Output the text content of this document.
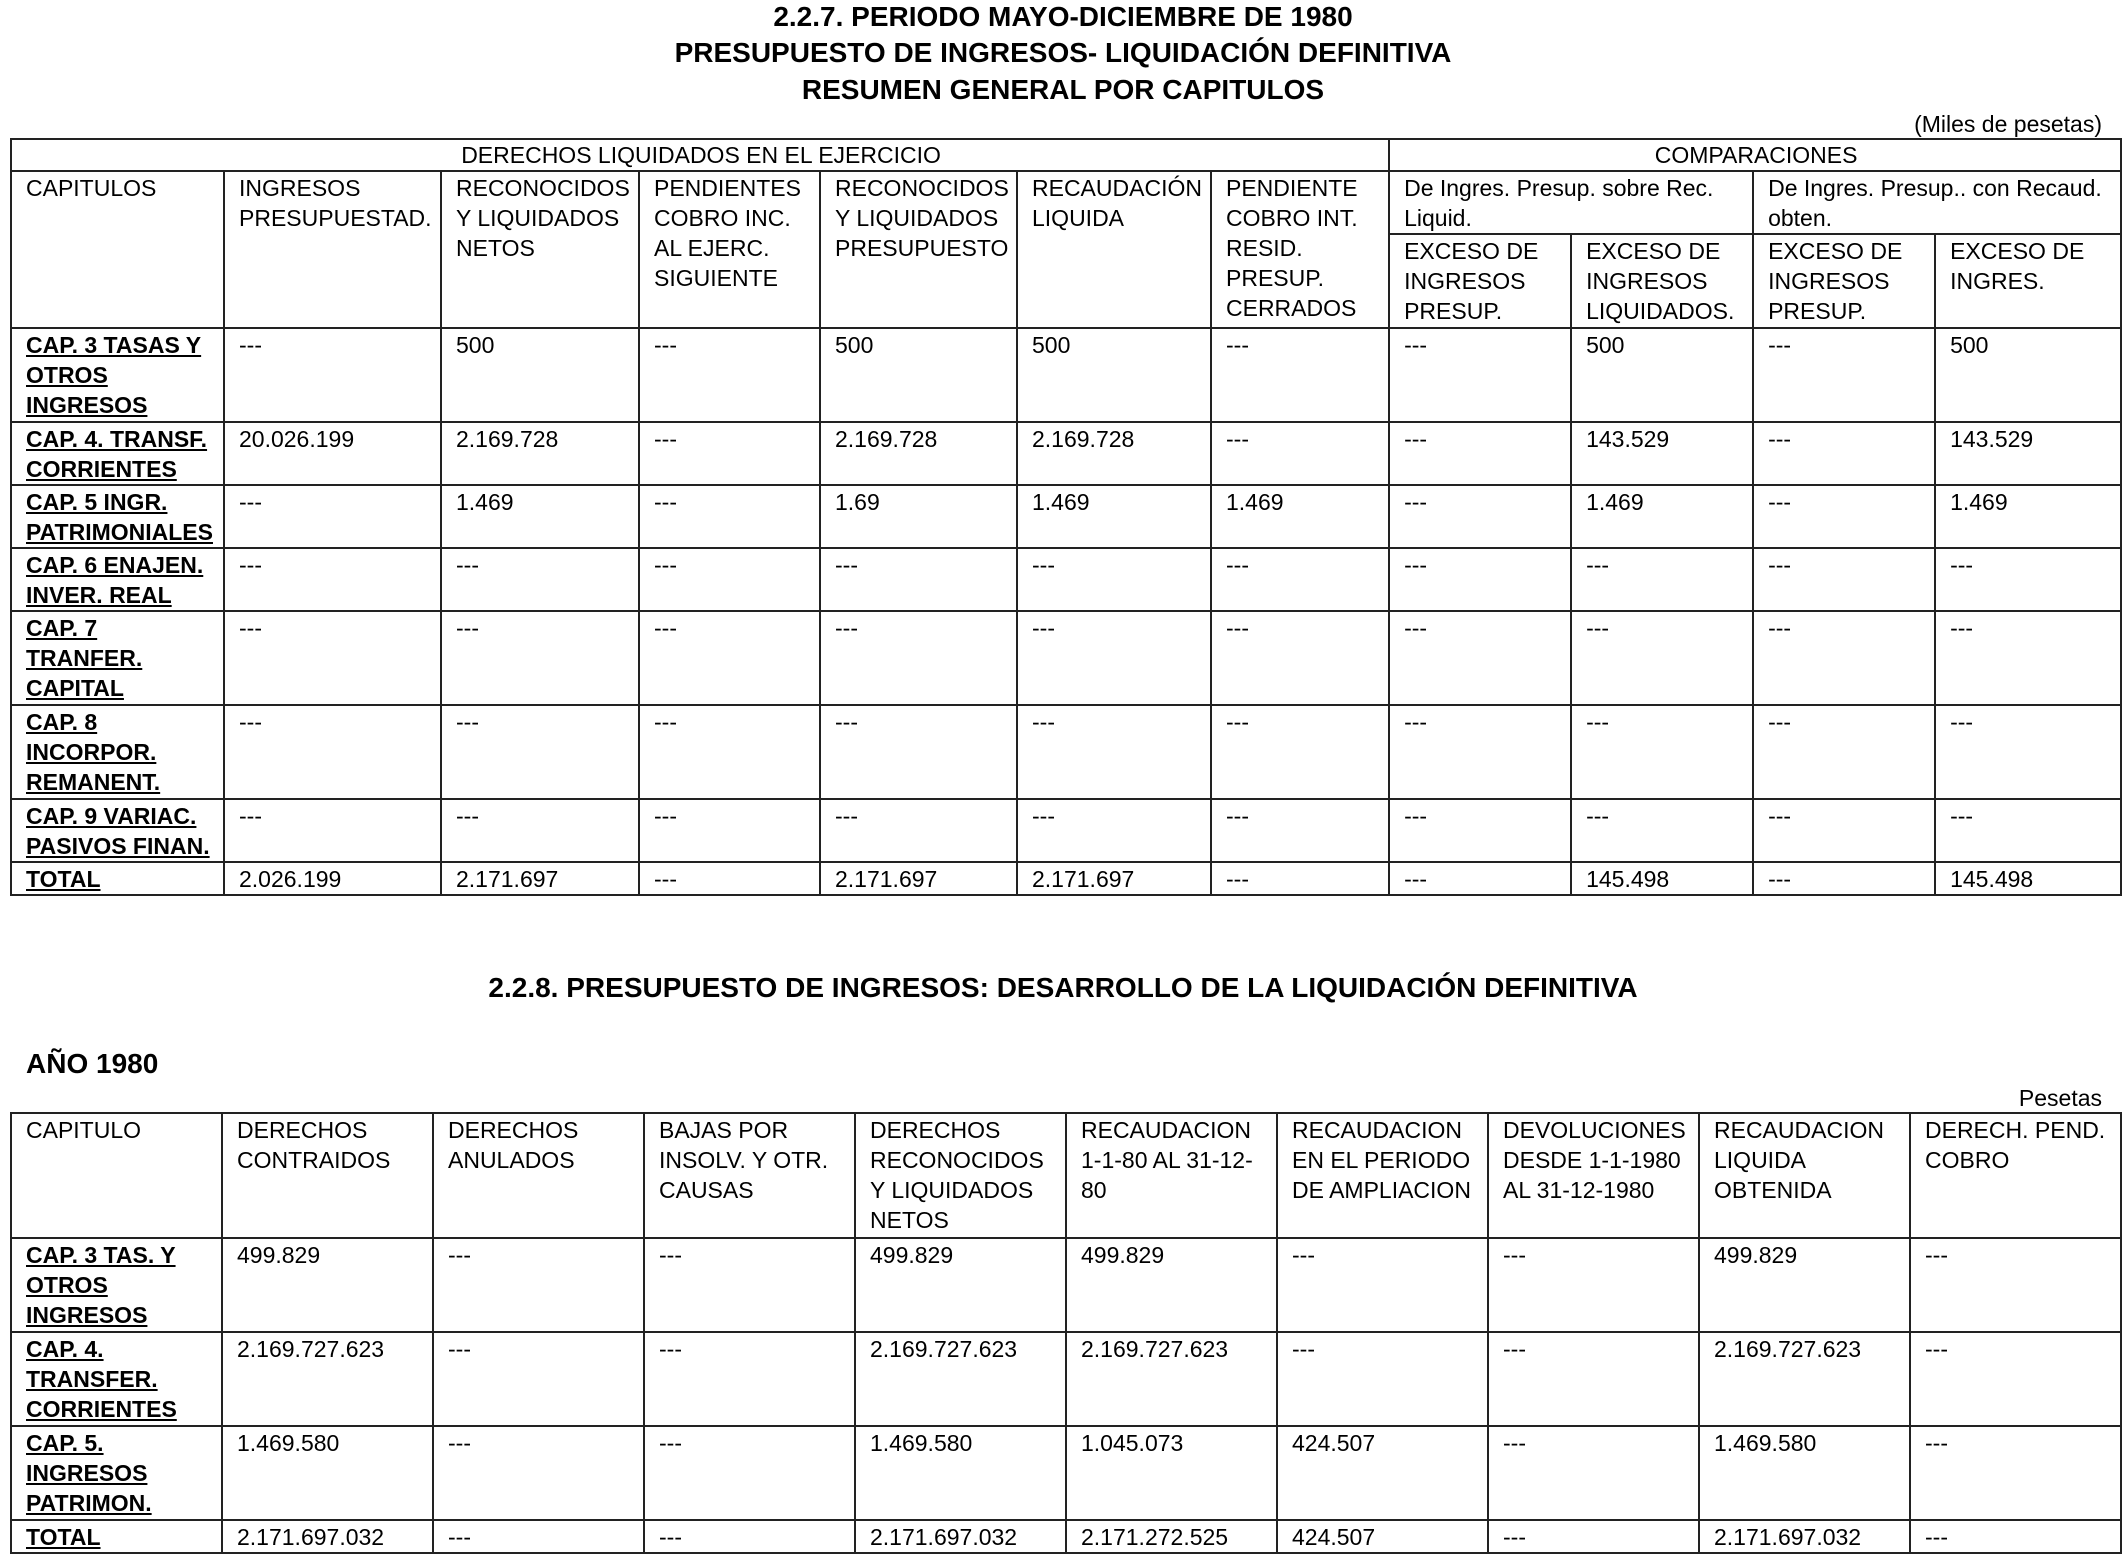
2.2.7. PERIODO MAYO-DICIEMBRE DE 1980
PRESUPUESTO DE INGRESOS- LIQUIDACIÓN DEFINITIVA
RESUMEN GENERAL POR CAPITULOS
(Miles de pesetas)
DERECHOS LIQUIDADOS EN EL EJERCICIO							COMPARACIONES			
CAPITULOS	INGRESOS PRESUPUESTAD.	RECONOCIDOS Y LIQUIDADOS NETOS	PENDIENTES COBRO INC. AL EJERC. SIGUIENTE	RECONOCIDOS Y LIQUIDADOS PRESUPUESTO	RECAUDACIÓN LIQUIDA	PENDIENTE COBRO INT. RESID. PRESUP. CERRADOS	De Ingres. Presup. sobre Rec. Liquid.		De Ingres. Presup.. con Recaud. obten.	
							EXCESO DE INGRESOS PRESUP.	EXCESO DE INGRESOS LIQUIDADOS.	EXCESO DE INGRESOS PRESUP.	EXCESO DE INGRES.
CAP. 3 TASAS Y OTROS INGRESOS	---	500	---	500	500	---	---	500	---	500
CAP. 4. TRANSF. CORRIENTES	20.026.199	2.169.728	---	2.169.728	2.169.728	---	---	143.529	---	143.529
CAP. 5 INGR. PATRIMONIALES	---	1.469	---	1.69	1.469	1.469	---	1.469	---	1.469
CAP. 6 ENAJEN. INVER. REAL	---	---	---	---	---	---	---	---	---	---
CAP. 7 TRANFER. CAPITAL	---	---	---	---	---	---	---	---	---	---
CAP. 8 INCORPOR. REMANENT.	---	---	---	---	---	---	---	---	---	---
CAP. 9 VARIAC. PASIVOS FINAN.	---	---	---	---	---	---	---	---	---	---
TOTAL	2.026.199	2.171.697	---	2.171.697	2.171.697	---	---	145.498	---	145.498
2.2.8. PRESUPUESTO DE INGRESOS: DESARROLLO DE LA LIQUIDACIÓN DEFINITIVA
AÑO 1980
Pesetas
CAPITULO	DERECHOS CONTRAIDOS	DERECHOS ANULADOS	BAJAS POR INSOLV. Y OTR. CAUSAS	DERECHOS RECONOCIDOS Y LIQUIDADOS NETOS	RECAUDACION 1-1-80 AL 31-12-80	RECAUDACION EN EL PERIODO DE AMPLIACION	DEVOLUCIONES DESDE 1-1-1980 AL 31-12-1980	RECAUDACION LIQUIDA OBTENIDA	DERECH. PEND. COBRO
CAP. 3 TAS. Y OTROS INGRESOS	499.829	---	---	499.829	499.829	---	---	499.829	---
CAP. 4. TRANSFER. CORRIENTES	2.169.727.623	---	---	2.169.727.623	2.169.727.623	---	---	2.169.727.623	---
CAP. 5. INGRESOS PATRIMON.	1.469.580	---	---	1.469.580	1.045.073	424.507	---	1.469.580	---
TOTAL	2.171.697.032	---	---	2.171.697.032	2.171.272.525	424.507	---	2.171.697.032	---
